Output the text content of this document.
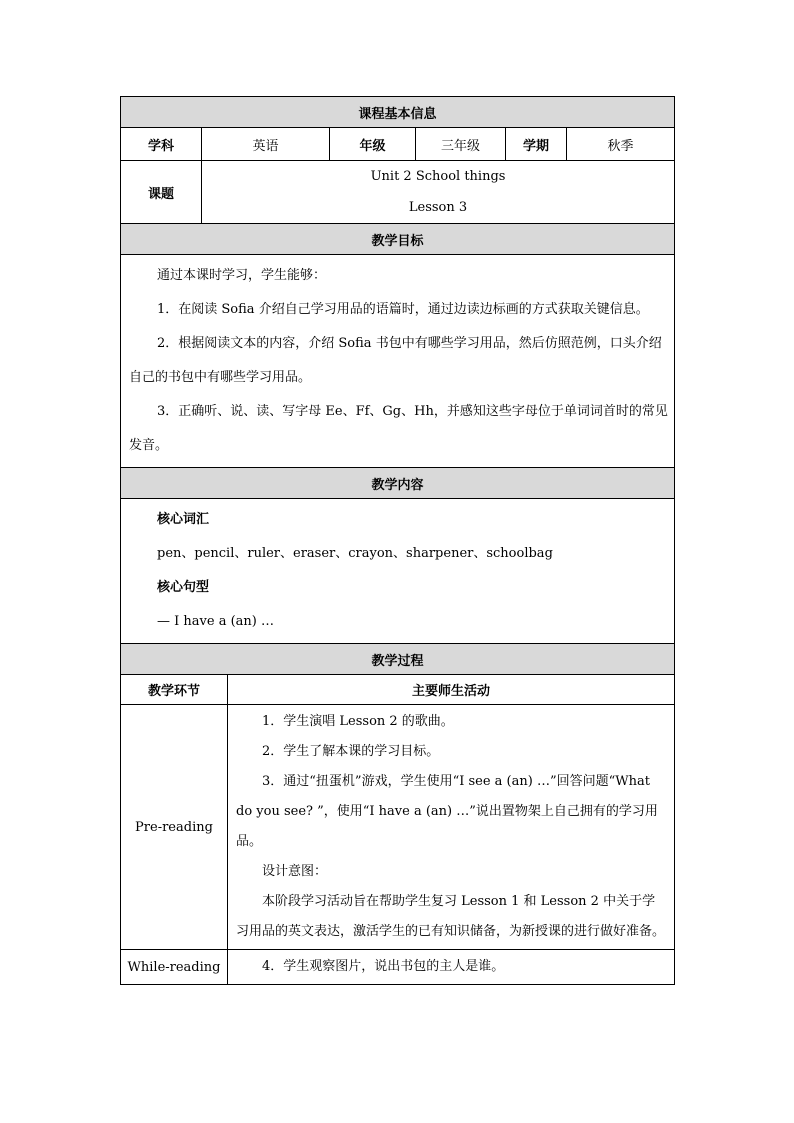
课程基本信息						
学科	英语		年级	三年级	学期	秋季
课题	Unit 2 School things
Lesson 3					

教学目标						

通过本课时学习，学生能够：

1．在阅读 Sofia 介绍自己学习用品的语篇时，通过边读边标画的方式获取关键信息。

2．根据阅读文本的内容，介绍 Sofia 书包中有哪些学习用品，然后仿照范例，口头介绍自己的书包中有哪些学习用品。

3．正确听、说、读、写字母 Ee、Ff、Gg、Hh，并感知这些字母位于单词词首时的常见发音。						

教学内容						

核心词汇

pen、pencil、ruler、eraser、crayon、sharpener、schoolbag

核心句型

— I have a (an) …						

教学过程						
教学环节		主要师生活动				
Pre-reading		1．学生演唱 Lesson 2 的歌曲。

2．学生了解本课的学习目标。

3．通过“扭蛋机”游戏，学生使用“I see a (an) …”回答问题“What do you see? ”，使用“I have a (an) …”说出置物架上自己拥有的学习用品。

设计意图：

本阶段学习活动旨在帮助学生复习 Lesson 1 和 Lesson 2 中关于学习用品的英文表达，激活学生的已有知识储备，为新授课的进行做好准备。				

While-reading		4．学生观察图片，说出书包的主人是谁。				
